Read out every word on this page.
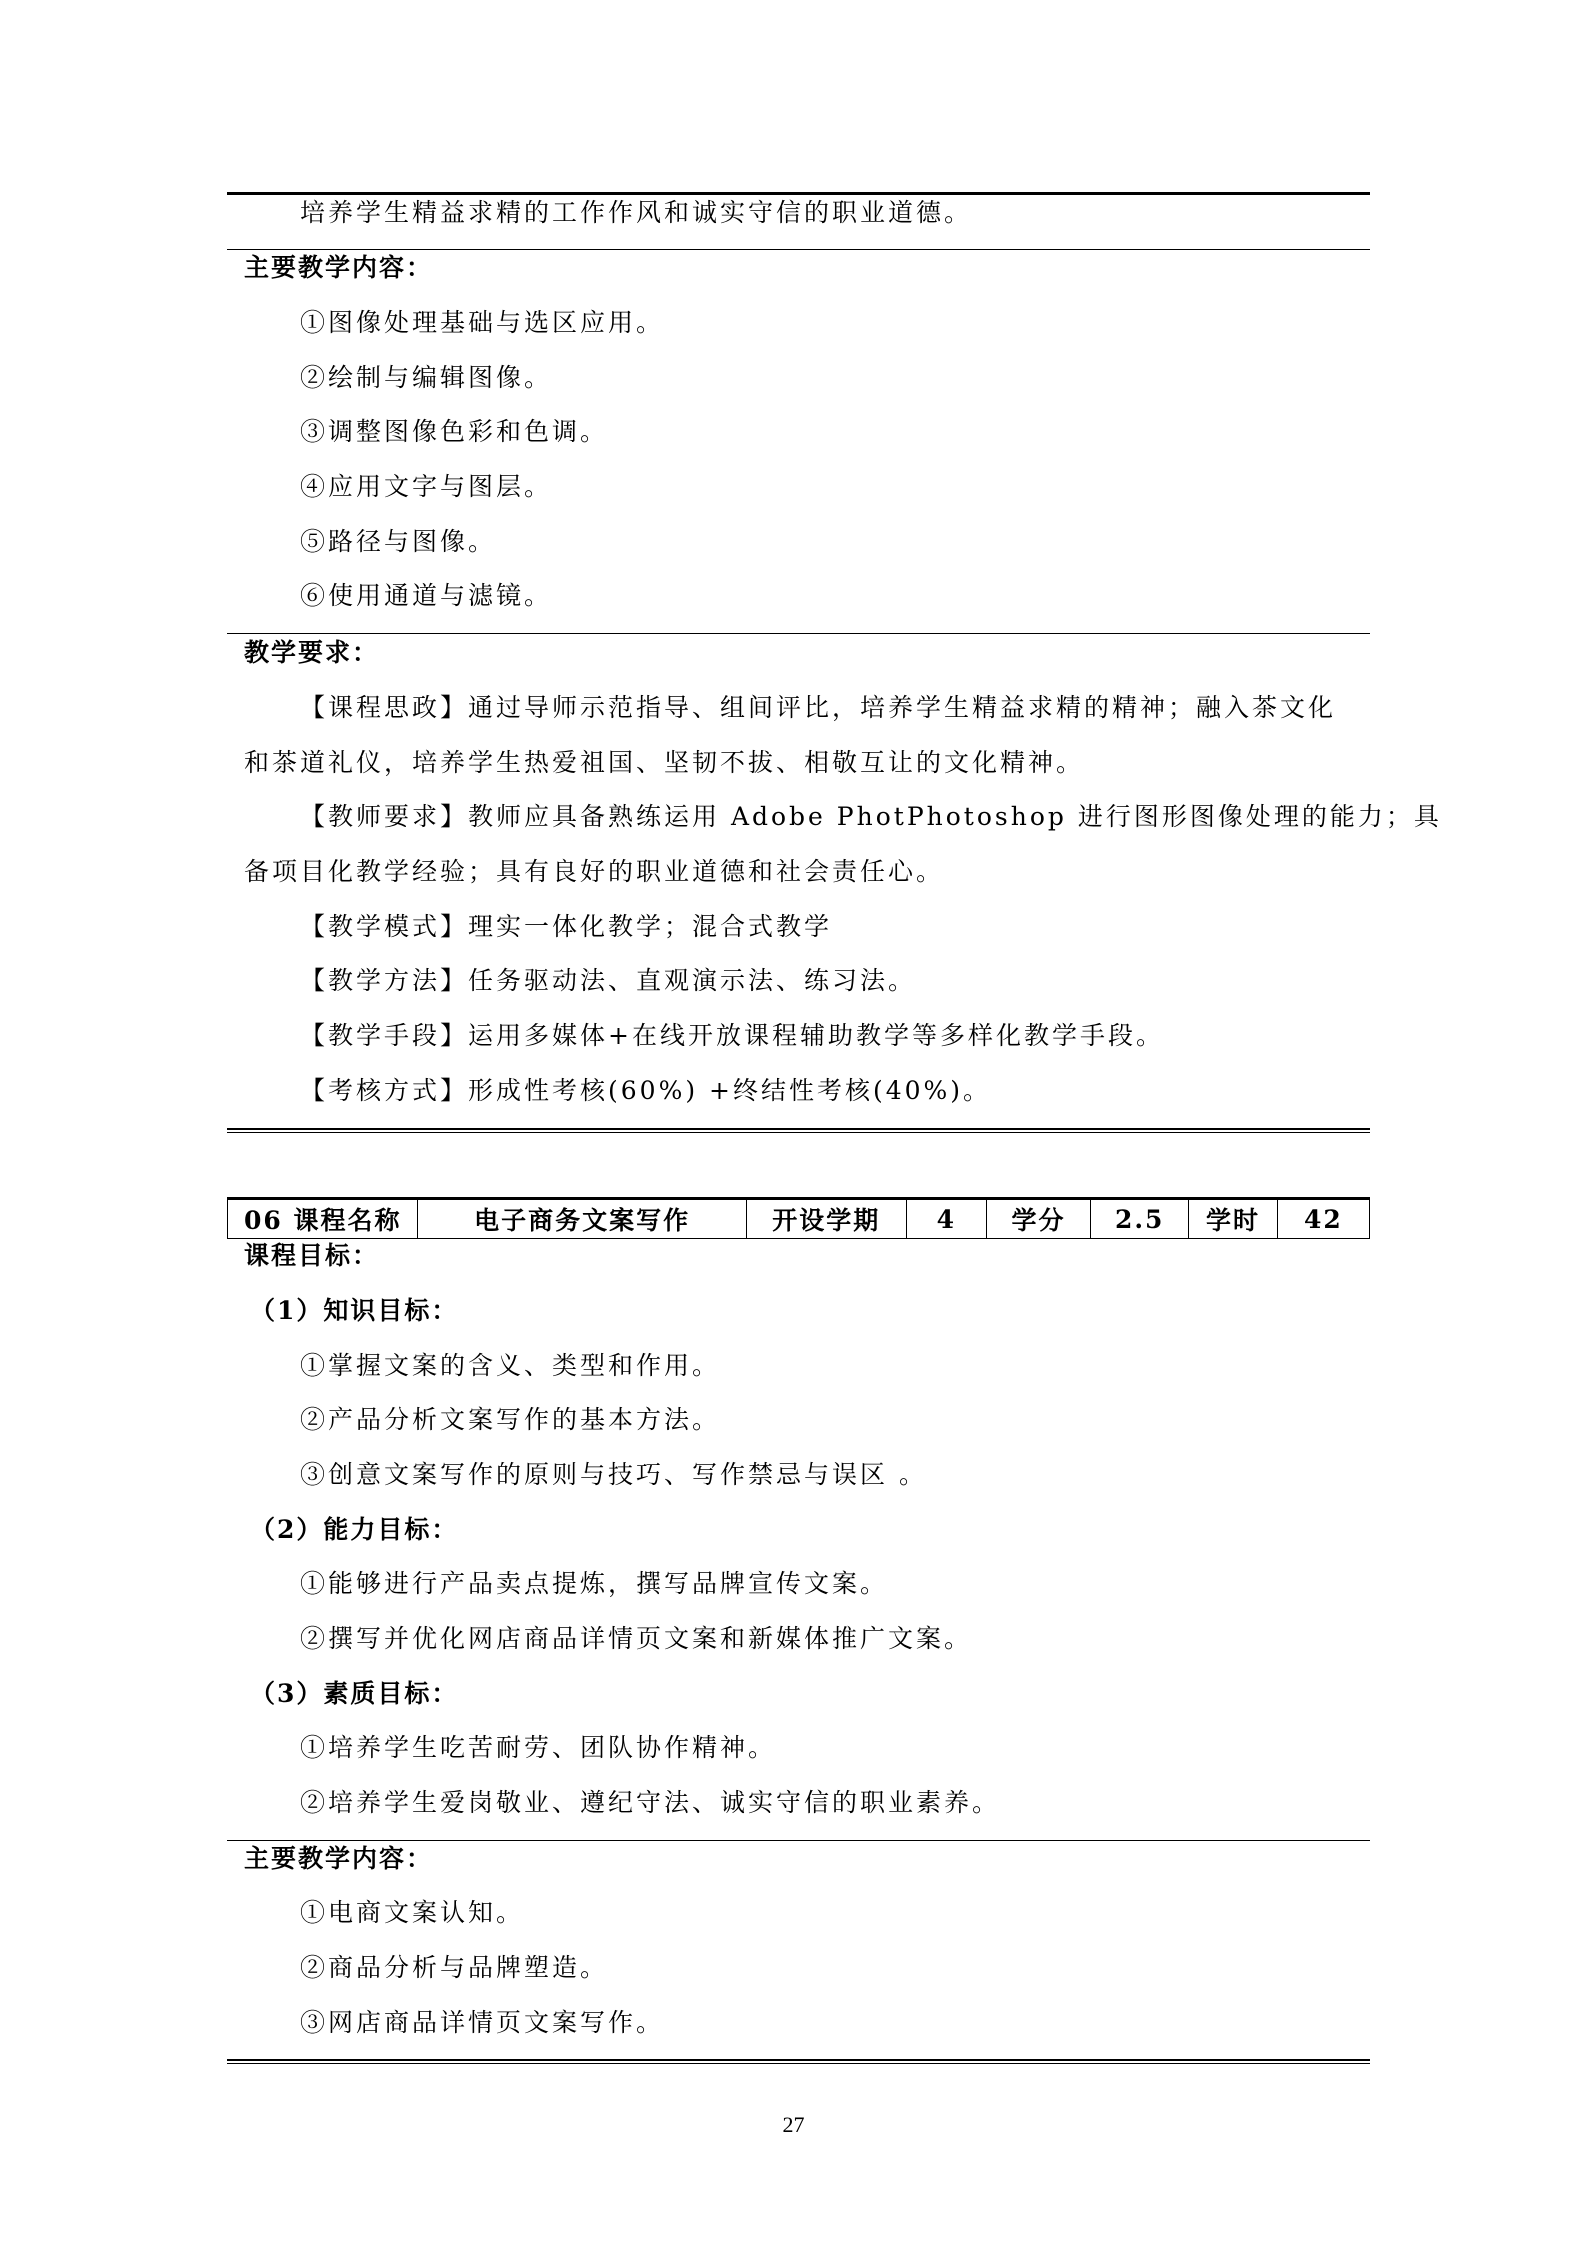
培养学生精益求精的工作作风和诚实守信的职业道德。
主要教学内容：
①图像处理基础与选区应用。
②绘制与编辑图像。
③调整图像色彩和色调。
④应用文字与图层。
⑤路径与图像。
⑥使用通道与滤镜。
教学要求：
【课程思政】通过导师示范指导、组间评比，培养学生精益求精的精神；融入茶文化
和茶道礼仪，培养学生热爱祖国、坚韧不拔、相敬互让的文化精神。
【教师要求】教师应具备熟练运用 Adobe PhotPhotoshop 进行图形图像处理的能力；具
备项目化教学经验；具有良好的职业道德和社会责任心。
【教学模式】理实一体化教学；混合式教学
【教学方法】任务驱动法、直观演示法、练习法。
【教学手段】运用多媒体+在线开放课程辅助教学等多样化教学手段。
【考核方式】形成性考核(60%) +终结性考核(40%)。
06 课程名称	电子商务文案写作	开设学期	4	学分	2.5	学时	42
课程目标：
（1）知识目标：
①掌握文案的含义、类型和作用。
②产品分析文案写作的基本方法。
③创意文案写作的原则与技巧、写作禁忌与误区 。
（2）能力目标：
①能够进行产品卖点提炼，撰写品牌宣传文案。
②撰写并优化网店商品详情页文案和新媒体推广文案。
（3）素质目标：
①培养学生吃苦耐劳、团队协作精神。
②培养学生爱岗敬业、遵纪守法、诚实守信的职业素养。
主要教学内容：
①电商文案认知。
②商品分析与品牌塑造。
③网店商品详情页文案写作。
27
